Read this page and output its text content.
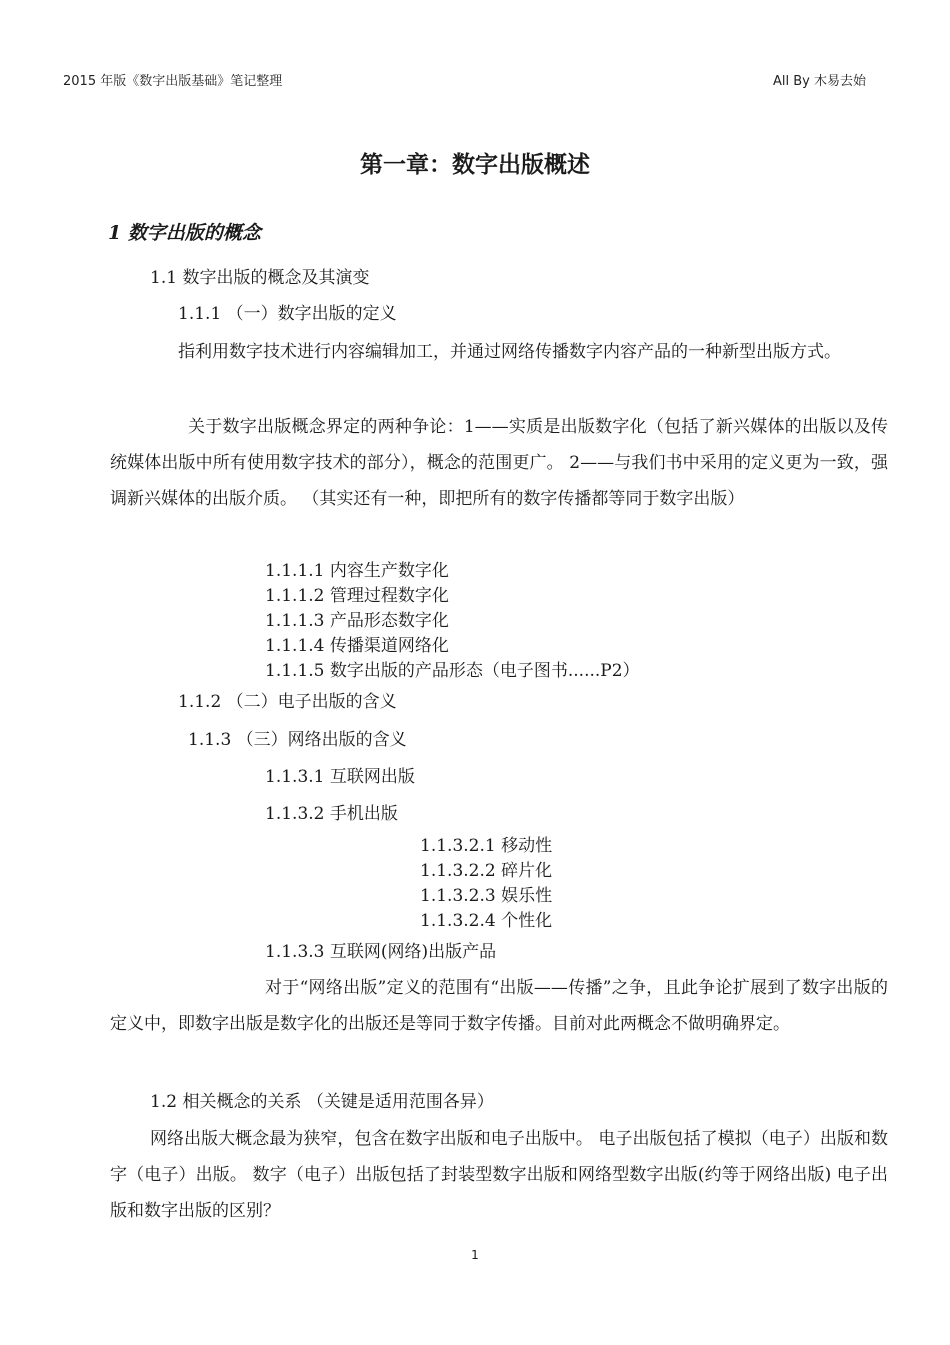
2015 年版《数字出版基础》笔记整理	All By 木易去始
第一章：数字出版概述
1 数字出版的概念
1.1 数字出版的概念及其演变
1.1.1 （一）数字出版的定义
指利用数字技术进行内容编辑加工，并通过网络传播数字内容产品的一种新型出版方式。
关于数字出版概念界定的两种争论：1——实质是出版数字化（包括了新兴媒体的出版以及传统媒体出版中所有使用数字技术的部分），概念的范围更广。 2——与我们书中采用的定义更为一致，强调新兴媒体的出版介质。 （其实还有一种，即把所有的数字传播都等同于数字出版）
1.1.1.1 内容生产数字化
1.1.1.2 管理过程数字化
1.1.1.3 产品形态数字化
1.1.1.4 传播渠道网络化
1.1.1.5 数字出版的产品形态（电子图书......P2）
1.1.2 （二）电子出版的含义
1.1.3 （三）网络出版的含义
1.1.3.1 互联网出版
1.1.3.2 手机出版
1.1.3.2.1 移动性
1.1.3.2.2 碎片化
1.1.3.2.3 娱乐性
1.1.3.2.4 个性化
1.1.3.3 互联网(网络)出版产品
对于“网络出版”定义的范围有“出版——传播”之争，且此争论扩展到了数字出版的定义中，即数字出版是数字化的出版还是等同于数字传播。目前对此两概念不做明确界定。
1.2 相关概念的关系 （关键是适用范围各异）
网络出版大概念最为狭窄，包含在数字出版和电子出版中。 电子出版包括了模拟（电子）出版和数字（电子）出版。 数字（电子）出版包括了封装型数字出版和网络型数字出版(约等于网络出版) 电子出版和数字出版的区别？
1
